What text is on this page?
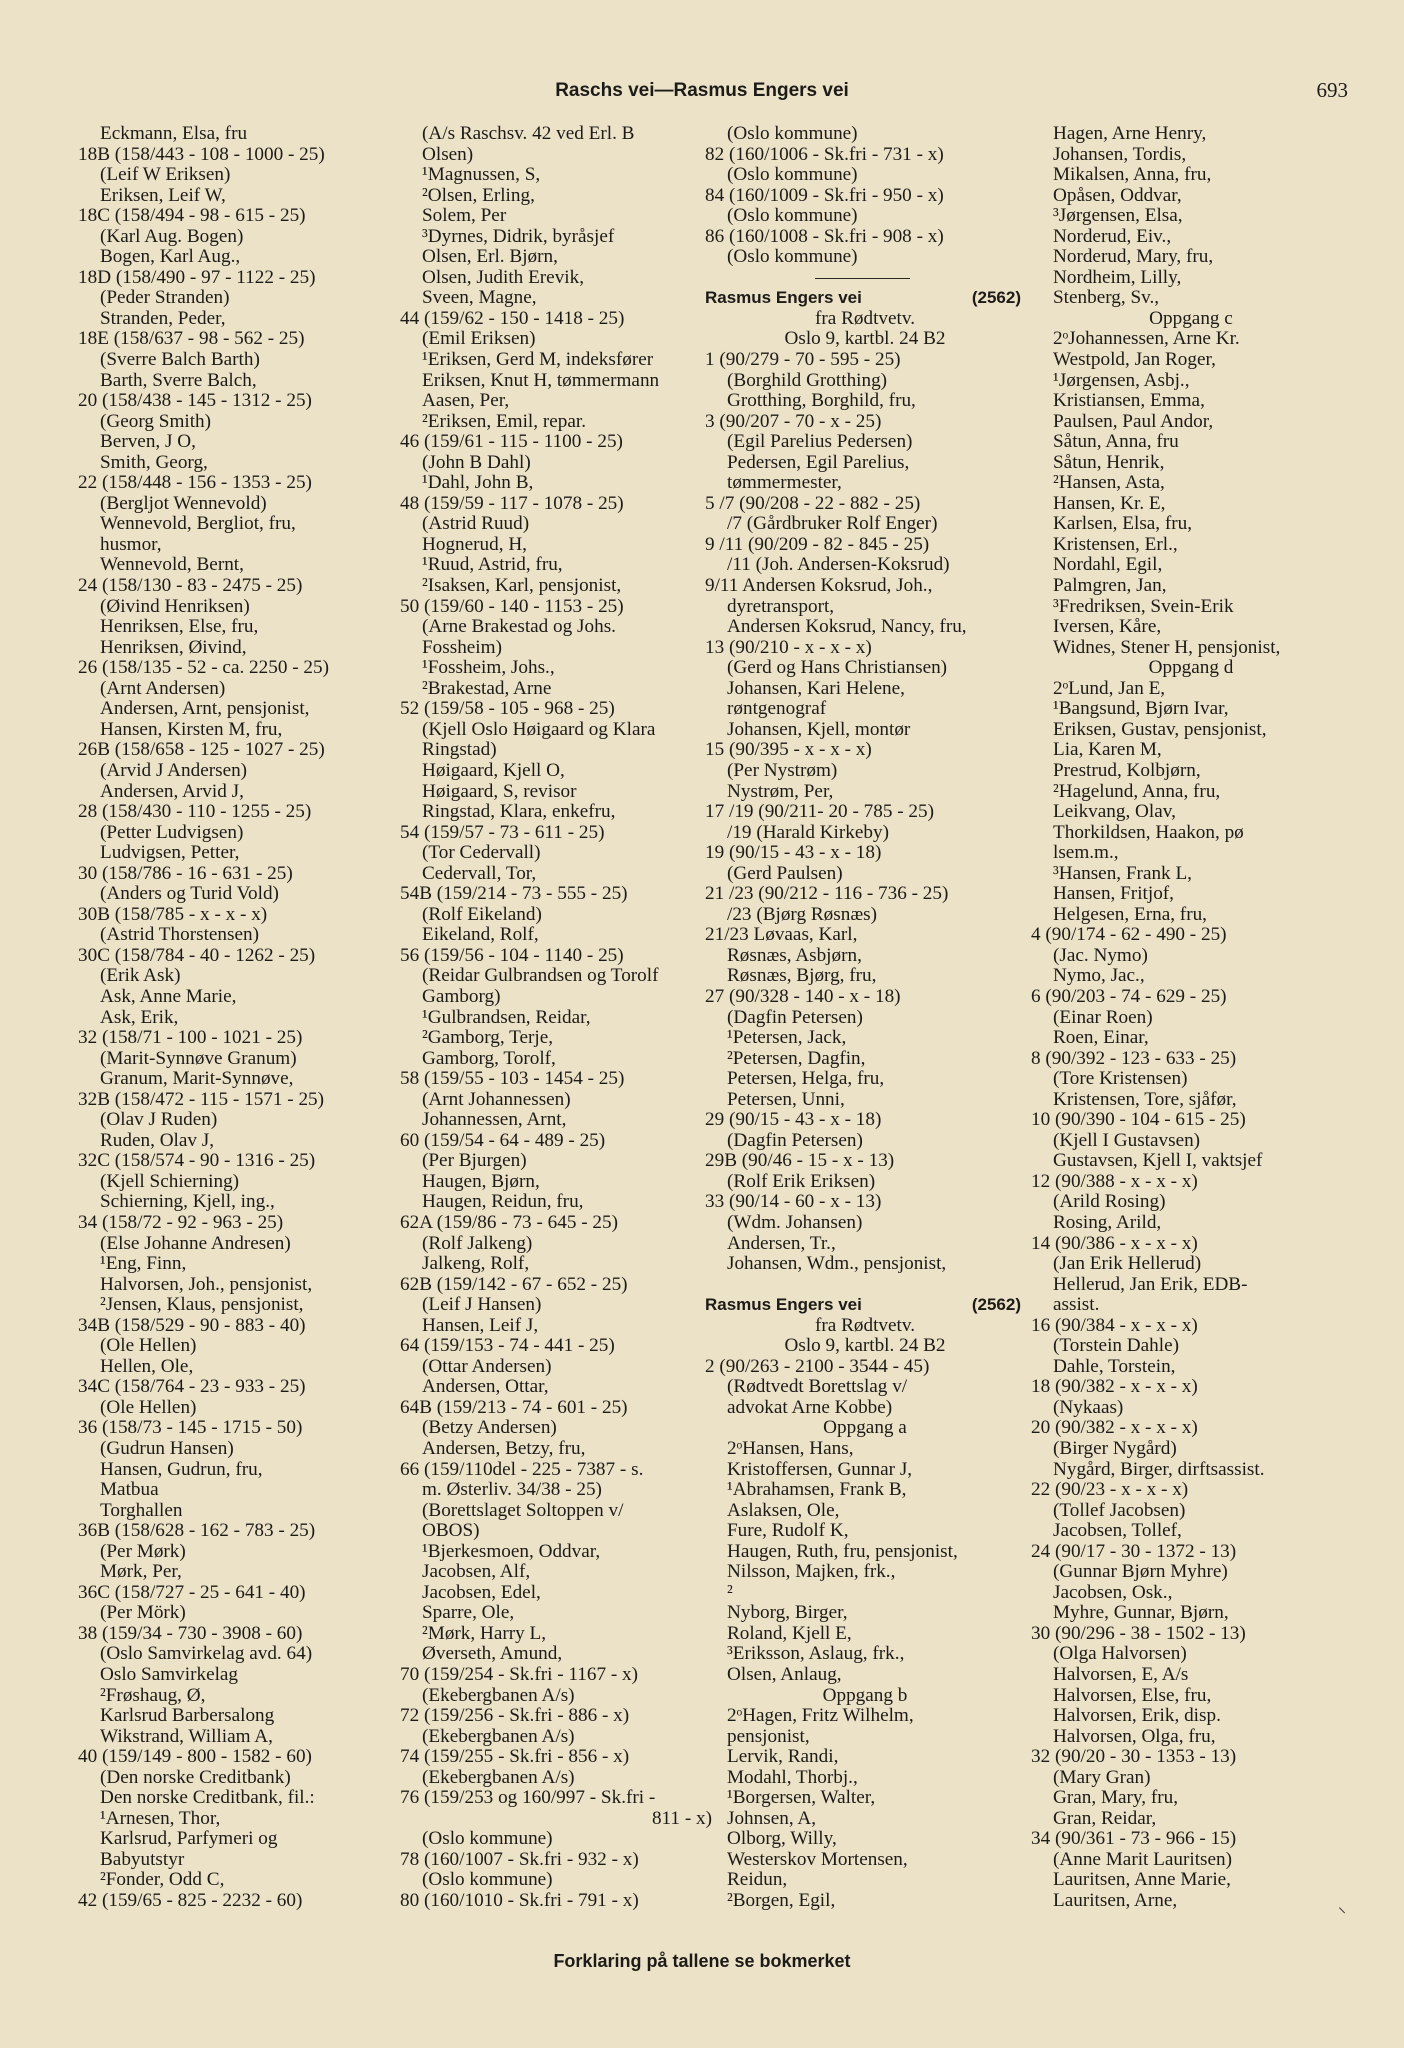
Raschs vei—Rasmus Engers vei	693
Eckmann, Elsa, fru
18B (158/443 - 108 - 1000 - 25)
(Leif W Eriksen)
Eriksen, Leif W,
18C (158/494 - 98 - 615 - 25)
(Karl Aug. Bogen)
Bogen, Karl Aug.,
18D (158/490 - 97 - 1122 - 25)
(Peder Stranden)
Stranden, Peder,
18E (158/637 - 98 - 562 - 25)
(Sverre Balch Barth)
Barth, Sverre Balch,
20 (158/438 - 145 - 1312 - 25)
(Georg Smith)
Berven, J O,
Smith, Georg,
22 (158/448 - 156 - 1353 - 25)
(Bergljot Wennevold)
Wennevold, Bergliot, fru,
husmor,
Wennevold, Bernt,
24 (158/130 - 83 - 2475 - 25)
(Øivind Henriksen)
Henriksen, Else, fru,
Henriksen, Øivind,
26 (158/135 - 52 - ca. 2250 - 25)
(Arnt Andersen)
Andersen, Arnt, pensjonist,
Hansen, Kirsten M, fru,
26B (158/658 - 125 - 1027 - 25)
(Arvid J Andersen)
Andersen, Arvid J,
28 (158/430 - 110 - 1255 - 25)
(Petter Ludvigsen)
Ludvigsen, Petter,
30 (158/786 - 16 - 631 - 25)
(Anders og Turid Vold)
30B (158/785 - x - x - x)
(Astrid Thorstensen)
30C (158/784 - 40 - 1262 - 25)
(Erik Ask)
Ask, Anne Marie,
Ask, Erik,
32 (158/71 - 100 - 1021 - 25)
(Marit-Synnøve Granum)
Granum, Marit-Synnøve,
32B (158/472 - 115 - 1571 - 25)
(Olav J Ruden)
Ruden, Olav J,
32C (158/574 - 90 - 1316 - 25)
(Kjell Schierning)
Schierning, Kjell, ing.,
34 (158/72 - 92 - 963 - 25)
(Else Johanne Andresen)
¹Eng, Finn,
Halvorsen, Joh., pensjonist,
²Jensen, Klaus, pensjonist,
34B (158/529 - 90 - 883 - 40)
(Ole Hellen)
Hellen, Ole,
34C (158/764 - 23 - 933 - 25)
(Ole Hellen)
36 (158/73 - 145 - 1715 - 50)
(Gudrun Hansen)
Hansen, Gudrun, fru,
Matbua
Torghallen
36B (158/628 - 162 - 783 - 25)
(Per Mørk)
Mørk, Per,
36C (158/727 - 25 - 641 - 40)
(Per Mörk)
38 (159/34 - 730 - 3908 - 60)
(Oslo Samvirkelag avd. 64)
Oslo Samvirkelag
²Frøshaug, Ø,
Karlsrud Barbersalong
Wikstrand, William A,
40 (159/149 - 800 - 1582 - 60)
(Den norske Creditbank)
Den norske Creditbank, fil.:
¹Arnesen, Thor,
Karlsrud, Parfymeri og
Babyutstyr
²Fonder, Odd C,
42 (159/65 - 825 - 2232 - 60)
(A/s Raschsv. 42 ved Erl. B
Olsen)
¹Magnussen, S,
²Olsen, Erling,
Solem, Per
³Dyrnes, Didrik, byråsjef
Olsen, Erl. Bjørn,
Olsen, Judith Erevik,
Sveen, Magne,
44 (159/62 - 150 - 1418 - 25)
(Emil Eriksen)
¹Eriksen, Gerd M, indeksfører
Eriksen, Knut H, tømmermann
Aasen, Per,
²Eriksen, Emil, repar.
46 (159/61 - 115 - 1100 - 25)
(John B Dahl)
¹Dahl, John B,
48 (159/59 - 117 - 1078 - 25)
(Astrid Ruud)
Hognerud, H,
¹Ruud, Astrid, fru,
²Isaksen, Karl, pensjonist,
50 (159/60 - 140 - 1153 - 25)
(Arne Brakestad og Johs.
Fossheim)
¹Fossheim, Johs.,
²Brakestad, Arne
52 (159/58 - 105 - 968 - 25)
(Kjell Oslo Høigaard og Klara
Ringstad)
Høigaard, Kjell O,
Høigaard, S, revisor
Ringstad, Klara, enkefru,
54 (159/57 - 73 - 611 - 25)
(Tor Cedervall)
Cedervall, Tor,
54B (159/214 - 73 - 555 - 25)
(Rolf Eikeland)
Eikeland, Rolf,
56 (159/56 - 104 - 1140 - 25)
(Reidar Gulbrandsen og Torolf
Gamborg)
¹Gulbrandsen, Reidar,
²Gamborg, Terje,
Gamborg, Torolf,
58 (159/55 - 103 - 1454 - 25)
(Arnt Johannessen)
Johannessen, Arnt,
60 (159/54 - 64 - 489 - 25)
(Per Bjurgen)
Haugen, Bjørn,
Haugen, Reidun, fru,
62A (159/86 - 73 - 645 - 25)
(Rolf Jalkeng)
Jalkeng, Rolf,
62B (159/142 - 67 - 652 - 25)
(Leif J Hansen)
Hansen, Leif J,
64 (159/153 - 74 - 441 - 25)
(Ottar Andersen)
Andersen, Ottar,
64B (159/213 - 74 - 601 - 25)
(Betzy Andersen)
Andersen, Betzy, fru,
66 (159/110del - 225 - 7387 - s.
m. Østerliv. 34/38 - 25)
(Borettslaget Soltoppen v/
OBOS)
¹Bjerkesmoen, Oddvar,
Jacobsen, Alf,
Jacobsen, Edel,
Sparre, Ole,
²Mørk, Harry L,
Øverseth, Amund,
70 (159/254 - Sk.fri - 1167 - x)
(Ekebergbanen A/s)
72 (159/256 - Sk.fri - 886 - x)
(Ekebergbanen A/s)
74 (159/255 - Sk.fri - 856 - x)
(Ekebergbanen A/s)
76 (159/253 og 160/997 - Sk.fri -
811 - x)
(Oslo kommune)
78 (160/1007 - Sk.fri - 932 - x)
(Oslo kommune)
80 (160/1010 - Sk.fri - 791 - x)
(Oslo kommune)
82 (160/1006 - Sk.fri - 731 - x)
(Oslo kommune)
84 (160/1009 - Sk.fri - 950 - x)
(Oslo kommune)
86 (160/1008 - Sk.fri - 908 - x)
(Oslo kommune)
Rasmus Engers vei	(2562)
fra Rødtvetv.
Oslo 9, kartbl. 24 B2
1 (90/279 - 70 - 595 - 25)
(Borghild Grotthing)
Grotthing, Borghild, fru,
3 (90/207 - 70 - x - 25)
(Egil Parelius Pedersen)
Pedersen, Egil Parelius,
tømmermester,
5 /7 (90/208 - 22 - 882 - 25)
/7 (Gårdbruker Rolf Enger)
9 /11 (90/209 - 82 - 845 - 25)
/11 (Joh. Andersen-Koksrud)
9/11 Andersen Koksrud, Joh.,
dyretransport,
Andersen Koksrud, Nancy, fru,
13 (90/210 - x - x - x)
(Gerd og Hans Christiansen)
Johansen, Kari Helene,
røntgenograf
Johansen, Kjell, montør
15 (90/395 - x - x - x)
(Per Nystrøm)
Nystrøm, Per,
17 /19 (90/211- 20 - 785 - 25)
/19 (Harald Kirkeby)
19 (90/15 - 43 - x - 18)
(Gerd Paulsen)
21 /23 (90/212 - 116 - 736 - 25)
/23 (Bjørg Røsnæs)
21/23 Løvaas, Karl,
Røsnæs, Asbjørn,
Røsnæs, Bjørg, fru,
27 (90/328 - 140 - x - 18)
(Dagfin Petersen)
¹Petersen, Jack,
²Petersen, Dagfin,
Petersen, Helga, fru,
Petersen, Unni,
29 (90/15 - 43 - x - 18)
(Dagfin Petersen)
29B (90/46 - 15 - x - 13)
(Rolf Erik Eriksen)
33 (90/14 - 60 - x - 13)
(Wdm. Johansen)
Andersen, Tr.,
Johansen, Wdm., pensjonist,
Rasmus Engers vei	(2562)
fra Rødtvetv.
Oslo 9, kartbl. 24 B2
2 (90/263 - 2100 - 3544 - 45)
(Rødtvedt Borettslag v/
advokat Arne Kobbe)
Oppgang a
2ᵒHansen, Hans,
Kristoffersen, Gunnar J,
¹Abrahamsen, Frank B,
Aslaksen, Ole,
Fure, Rudolf K,
Haugen, Ruth, fru, pensjonist,
Nilsson, Majken, frk.,
²
Nyborg, Birger,
Roland, Kjell E,
³Eriksson, Aslaug, frk.,
Olsen, Anlaug,
Oppgang b
2ᵒHagen, Fritz Wilhelm,
pensjonist,
Lervik, Randi,
Modahl, Thorbj.,
¹Borgersen, Walter,
Johnsen, A,
Olborg, Willy,
Westerskov Mortensen,
Reidun,
²Borgen, Egil,
Hagen, Arne Henry,
Johansen, Tordis,
Mikalsen, Anna, fru,
Opåsen, Oddvar,
³Jørgensen, Elsa,
Norderud, Eiv.,
Norderud, Mary, fru,
Nordheim, Lilly,
Stenberg, Sv.,
Oppgang c
2ᵒJohannessen, Arne Kr.
Westpold, Jan Roger,
¹Jørgensen, Asbj.,
Kristiansen, Emma,
Paulsen, Paul Andor,
Såtun, Anna, fru
Såtun, Henrik,
²Hansen, Asta,
Hansen, Kr. E,
Karlsen, Elsa, fru,
Kristensen, Erl.,
Nordahl, Egil,
Palmgren, Jan,
³Fredriksen, Svein-Erik
Iversen, Kåre,
Widnes, Stener H, pensjonist,
Oppgang d
2ᵒLund, Jan E,
¹Bangsund, Bjørn Ivar,
Eriksen, Gustav, pensjonist,
Lia, Karen M,
Prestrud, Kolbjørn,
²Hagelund, Anna, fru,
Leikvang, Olav,
Thorkildsen, Haakon, pø
lsem.m.,
³Hansen, Frank L,
Hansen, Fritjof,
Helgesen, Erna, fru,
4 (90/174 - 62 - 490 - 25)
(Jac. Nymo)
Nymo, Jac.,
6 (90/203 - 74 - 629 - 25)
(Einar Roen)
Roen, Einar,
8 (90/392 - 123 - 633 - 25)
(Tore Kristensen)
Kristensen, Tore, sjåfør,
10 (90/390 - 104 - 615 - 25)
(Kjell I Gustavsen)
Gustavsen, Kjell I, vaktsjef
12 (90/388 - x - x - x)
(Arild Rosing)
Rosing, Arild,
14 (90/386 - x - x - x)
(Jan Erik Hellerud)
Hellerud, Jan Erik, EDB-
assist.
16 (90/384 - x - x - x)
(Torstein Dahle)
Dahle, Torstein,
18 (90/382 - x - x - x)
(Nykaas)
20 (90/382 - x - x - x)
(Birger Nygård)
Nygård, Birger, dirftsassist.
22 (90/23 - x - x - x)
(Tollef Jacobsen)
Jacobsen, Tollef,
24 (90/17 - 30 - 1372 - 13)
(Gunnar Bjørn Myhre)
Jacobsen, Osk.,
Myhre, Gunnar, Bjørn,
30 (90/296 - 38 - 1502 - 13)
(Olga Halvorsen)
Halvorsen, E, A/s
Halvorsen, Else, fru,
Halvorsen, Erik, disp.
Halvorsen, Olga, fru,
32 (90/20 - 30 - 1353 - 13)
(Mary Gran)
Gran, Mary, fru,
Gran, Reidar,
34 (90/361 - 73 - 966 - 15)
(Anne Marit Lauritsen)
Lauritsen, Anne Marie,
Lauritsen, Arne,	⸜
Forklaring på tallene se bokmerket
